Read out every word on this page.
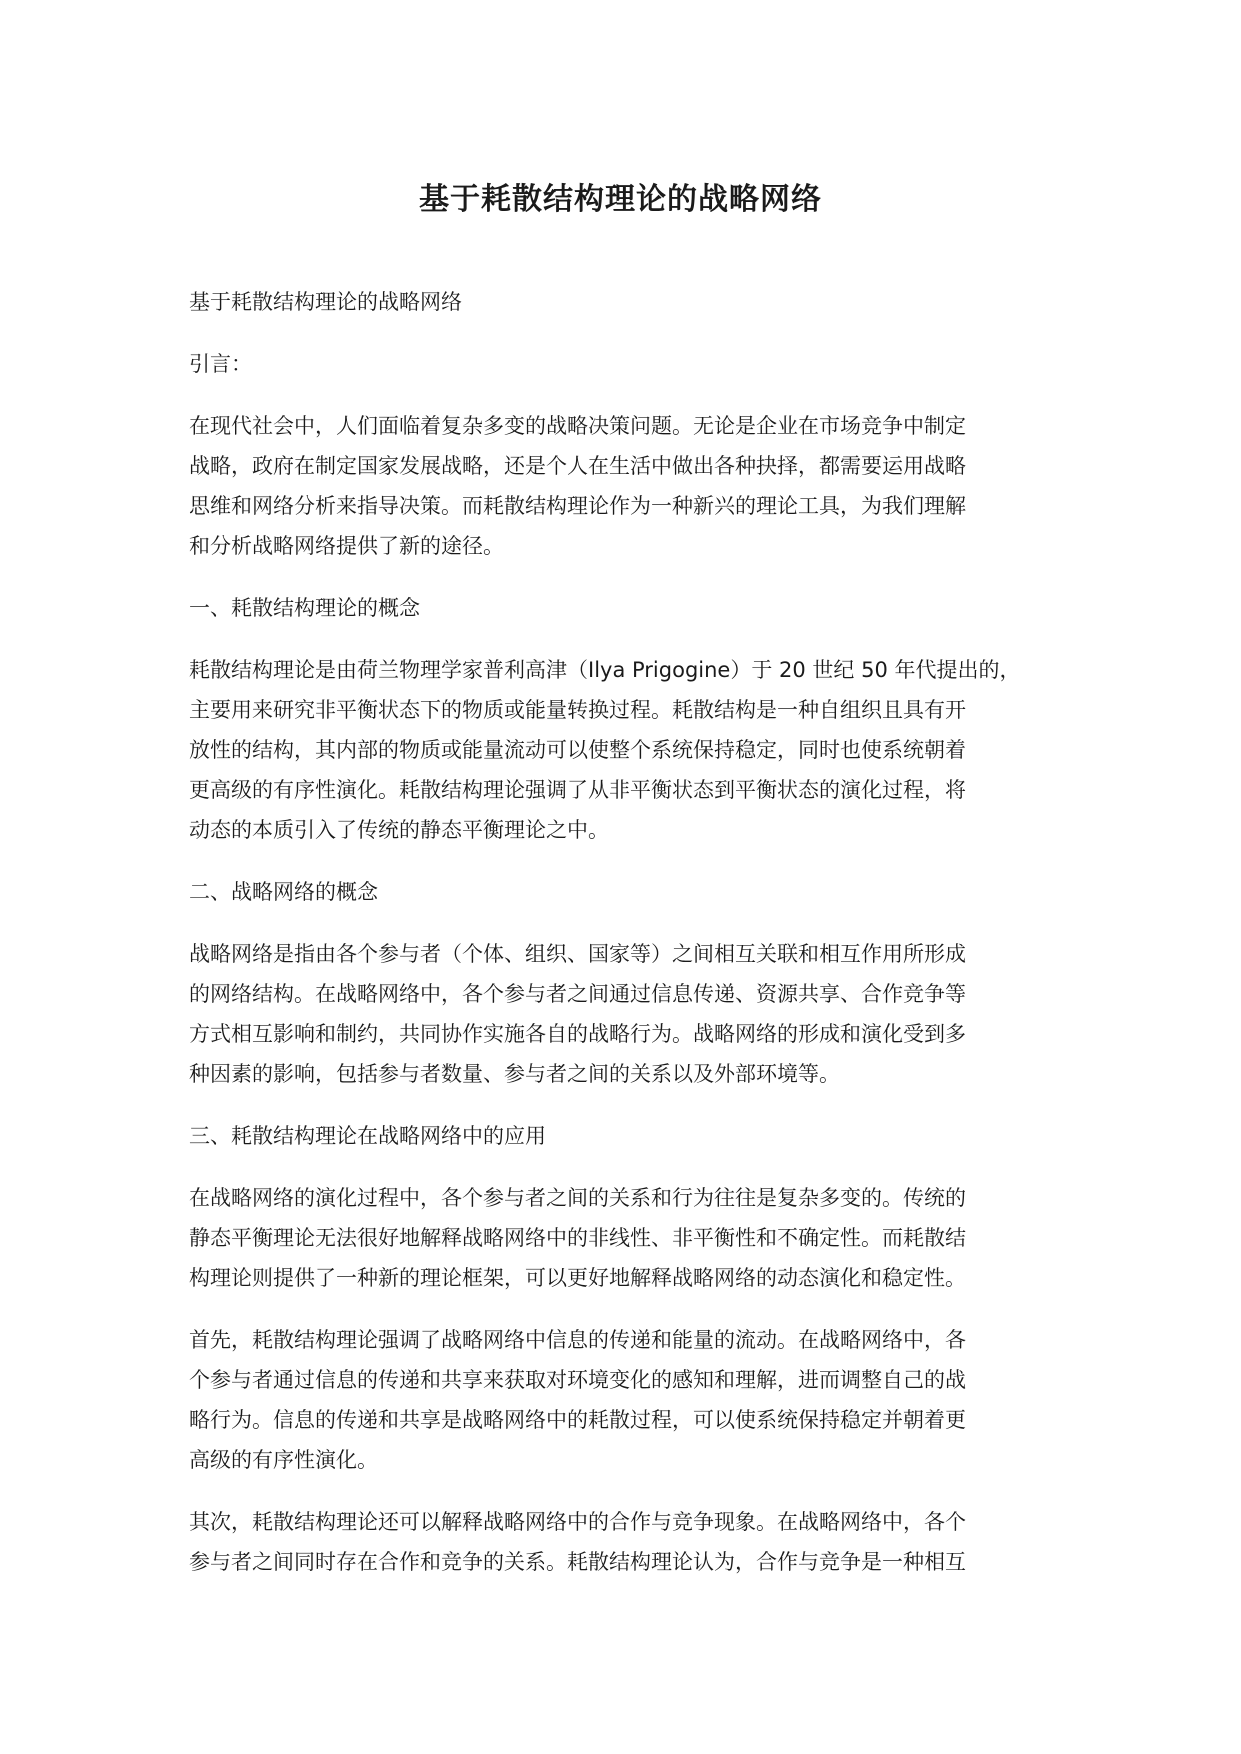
基于耗散结构理论的战略网络

基于耗散结构理论的战略网络

引言：

在现代社会中，人们面临着复杂多变的战略决策问题。无论是企业在市场竞争中制定
战略，政府在制定国家发展战略，还是个人在生活中做出各种抉择，都需要运用战略
思维和网络分析来指导决策。而耗散结构理论作为一种新兴的理论工具，为我们理解
和分析战略网络提供了新的途径。

一、耗散结构理论的概念

耗散结构理论是由荷兰物理学家普利高津（Ilya Prigogine）于 20 世纪 50 年代提出的，
主要用来研究非平衡状态下的物质或能量转换过程。耗散结构是一种自组织且具有开
放性的结构，其内部的物质或能量流动可以使整个系统保持稳定，同时也使系统朝着
更高级的有序性演化。耗散结构理论强调了从非平衡状态到平衡状态的演化过程，将
动态的本质引入了传统的静态平衡理论之中。

二、战略网络的概念

战略网络是指由各个参与者（个体、组织、国家等）之间相互关联和相互作用所形成
的网络结构。在战略网络中，各个参与者之间通过信息传递、资源共享、合作竞争等
方式相互影响和制约，共同协作实施各自的战略行为。战略网络的形成和演化受到多
种因素的影响，包括参与者数量、参与者之间的关系以及外部环境等。

三、耗散结构理论在战略网络中的应用

在战略网络的演化过程中，各个参与者之间的关系和行为往往是复杂多变的。传统的
静态平衡理论无法很好地解释战略网络中的非线性、非平衡性和不确定性。而耗散结
构理论则提供了一种新的理论框架，可以更好地解释战略网络的动态演化和稳定性。

首先，耗散结构理论强调了战略网络中信息的传递和能量的流动。在战略网络中，各
个参与者通过信息的传递和共享来获取对环境变化的感知和理解，进而调整自己的战
略行为。信息的传递和共享是战略网络中的耗散过程，可以使系统保持稳定并朝着更
高级的有序性演化。

其次，耗散结构理论还可以解释战略网络中的合作与竞争现象。在战略网络中，各个
参与者之间同时存在合作和竞争的关系。耗散结构理论认为，合作与竞争是一种相互
